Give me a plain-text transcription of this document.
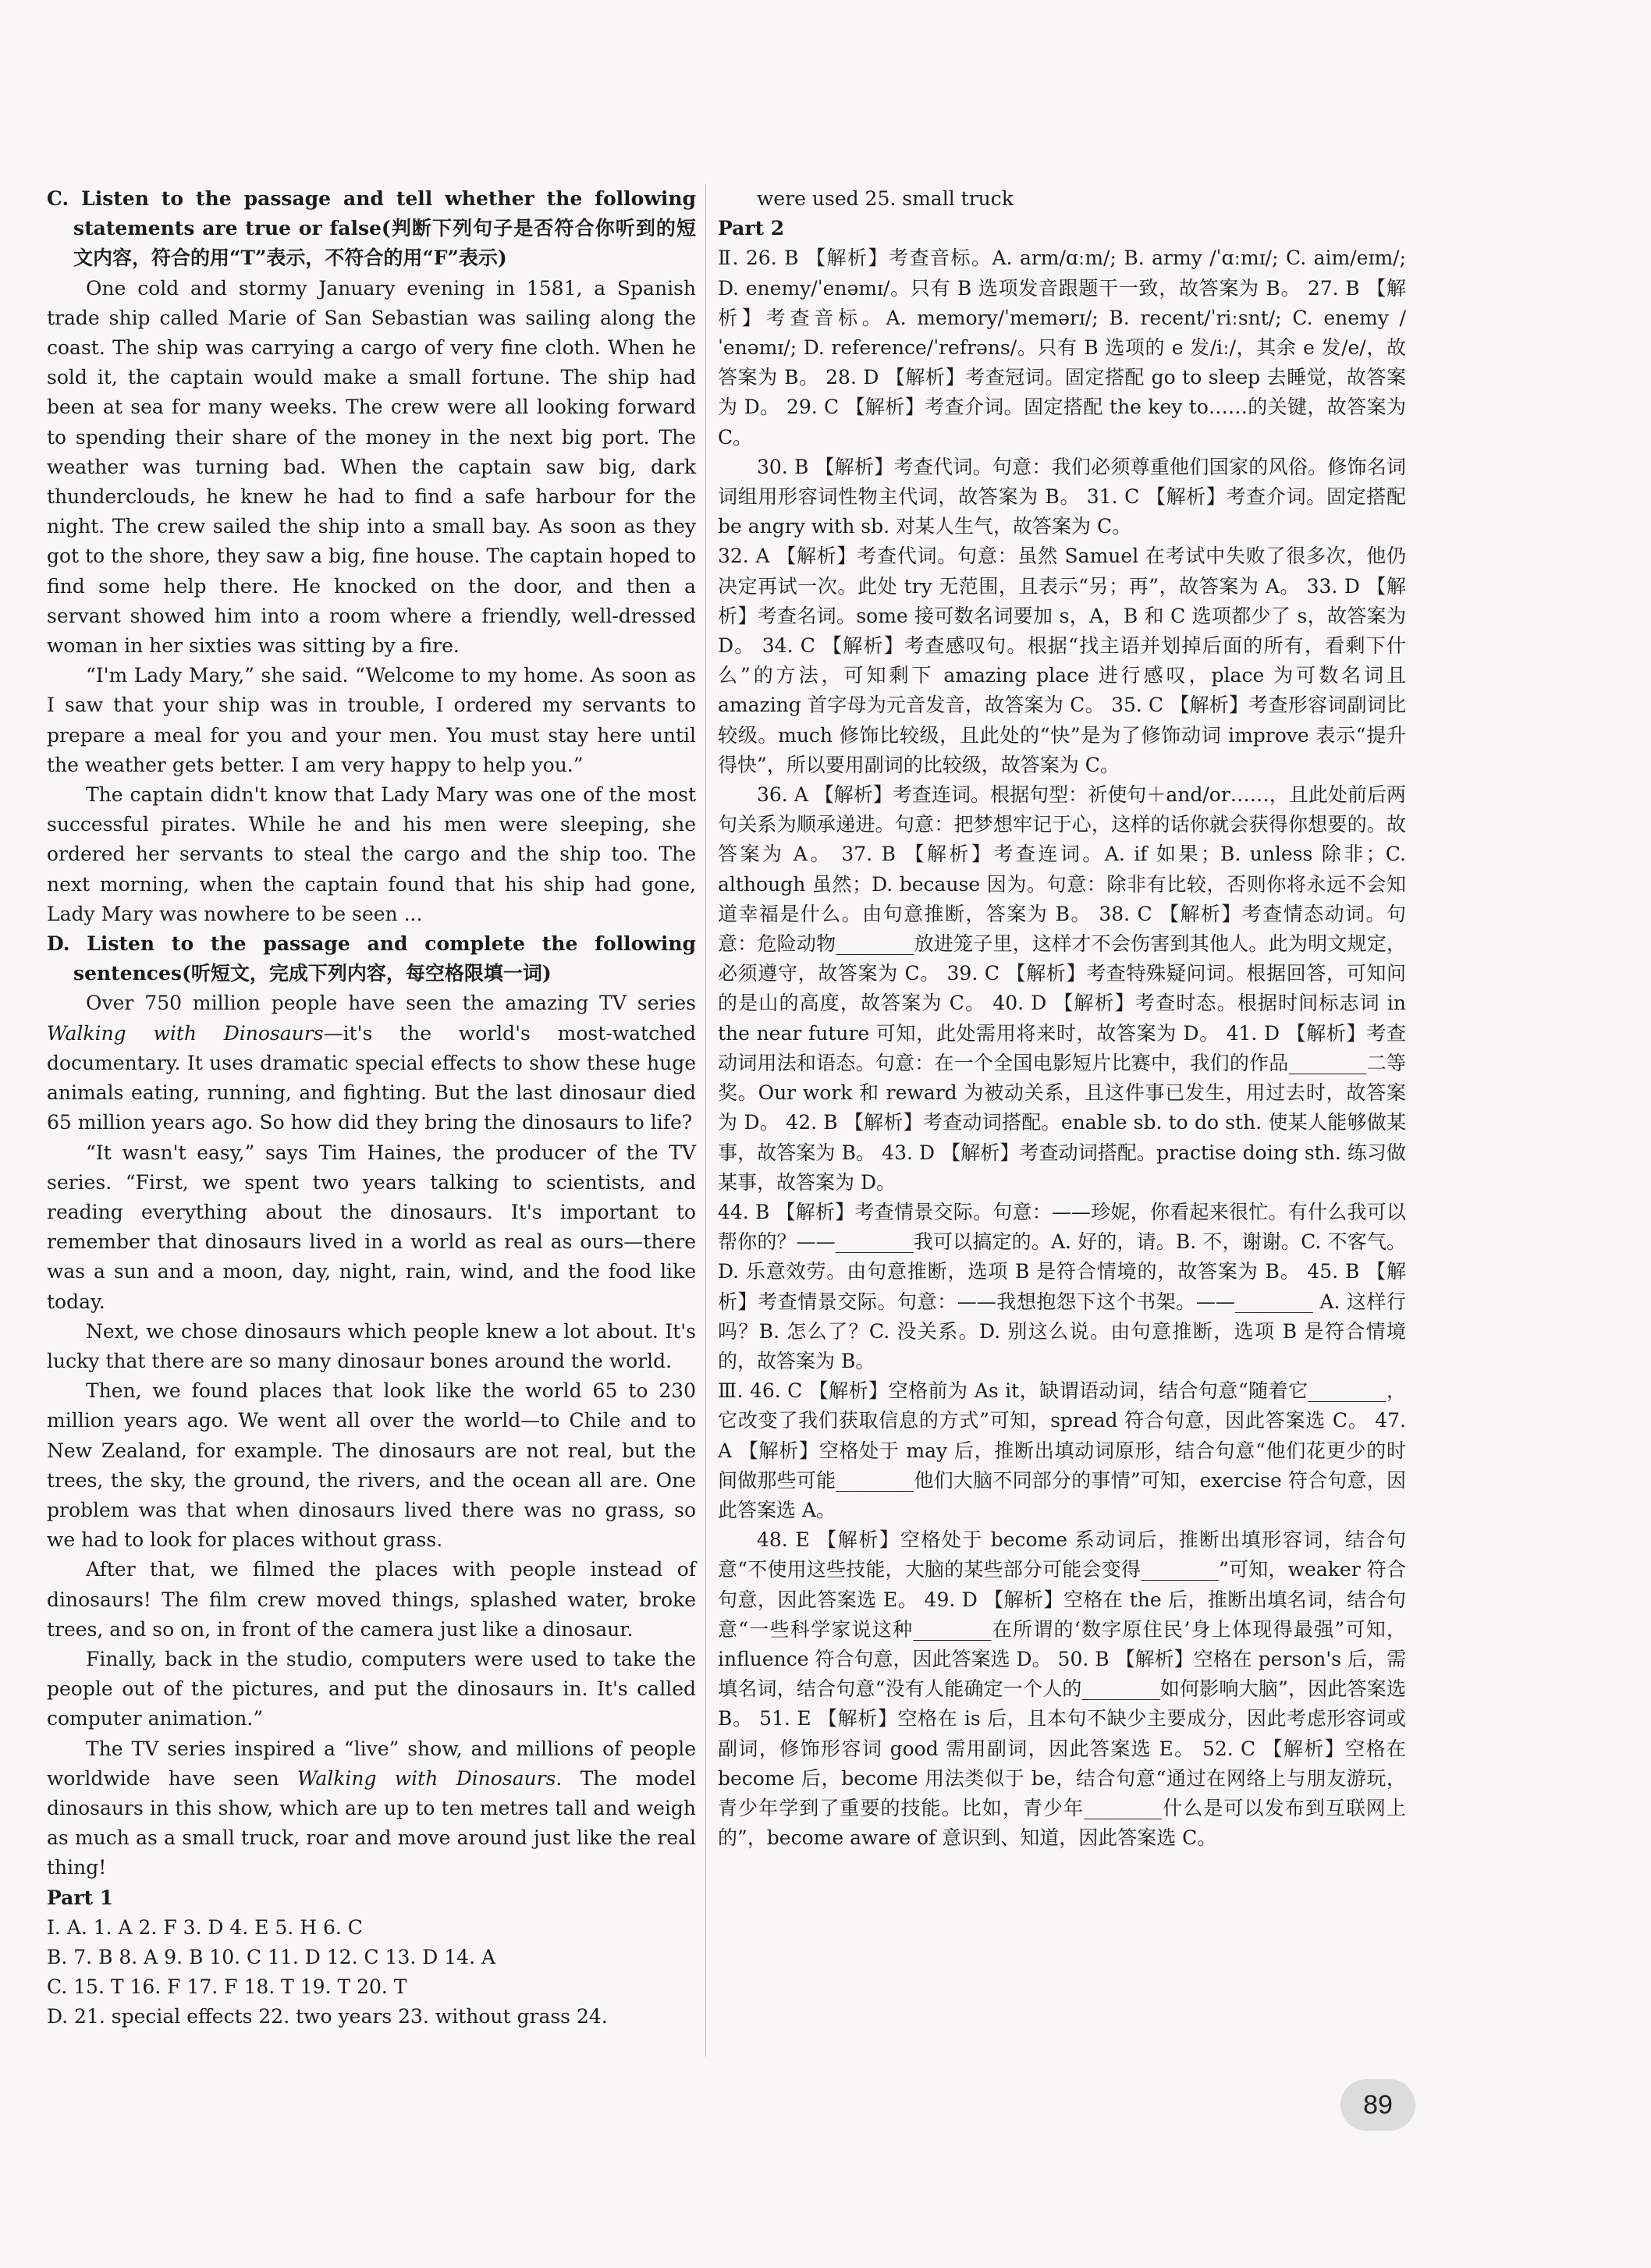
C. Listen to the passage and tell whether the following statements are true or false(判断下列句子是否符合你听到的短文内容，符合的用“T”表示，不符合的用“F”表示)

One cold and stormy January evening in 1581, a Spanish trade ship called Marie of San Sebastian was sailing along the coast. The ship was carrying a cargo of very fine cloth. When he sold it, the captain would make a small fortune. The ship had been at sea for many weeks. The crew were all looking forward to spending their share of the money in the next big port. The weather was turning bad. When the captain saw big, dark thunderclouds, he knew he had to find a safe harbour for the night. The crew sailed the ship into a small bay. As soon as they got to the shore, they saw a big, fine house. The captain hoped to find some help there. He knocked on the door, and then a servant showed him into a room where a friendly, well-dressed woman in her sixties was sitting by a fire.

“I'm Lady Mary,” she said. “Welcome to my home. As soon as I saw that your ship was in trouble, I ordered my servants to prepare a meal for you and your men. You must stay here until the weather gets better. I am very happy to help you.”

The captain didn't know that Lady Mary was one of the most successful pirates. While he and his men were sleeping, she ordered her servants to steal the cargo and the ship too. The next morning, when the captain found that his ship had gone, Lady Mary was nowhere to be seen ...

D. Listen to the passage and complete the following sentences(听短文，完成下列内容，每空格限填一词)

Over 750 million people have seen the amazing TV series Walking with Dinosaurs—it's the world's most-watched documentary. It uses dramatic special effects to show these huge animals eating, running, and fighting. But the last dinosaur died 65 million years ago. So how did they bring the dinosaurs to life?

“It wasn't easy,” says Tim Haines, the producer of the TV series. “First, we spent two years talking to scientists, and reading everything about the dinosaurs. It's important to remember that dinosaurs lived in a world as real as ours—there was a sun and a moon, day, night, rain, wind, and the food like today.

Next, we chose dinosaurs which people knew a lot about. It's lucky that there are so many dinosaur bones around the world.

Then, we found places that look like the world 65 to 230 million years ago. We went all over the world—to Chile and to New Zealand, for example. The dinosaurs are not real, but the trees, the sky, the ground, the rivers, and the ocean all are. One problem was that when dinosaurs lived there was no grass, so we had to look for places without grass.

After that, we filmed the places with people instead of dinosaurs! The film crew moved things, splashed water, broke trees, and so on, in front of the camera just like a dinosaur.

Finally, back in the studio, computers were used to take the people out of the pictures, and put the dinosaurs in. It's called computer animation.”

The TV series inspired a “live” show, and millions of people worldwide have seen Walking with Dinosaurs. The model dinosaurs in this show, which are up to ten metres tall and weigh as much as a small truck, roar and move around just like the real thing!

Part 1

Ⅰ. A. 1. A 2. F 3. D 4. E 5. H 6. C

B. 7. B 8. A 9. B 10. C 11. D 12. C 13. D 14. A

C. 15. T 16. F 17. F 18. T 19. T 20. T

D. 21. special effects 22. two years 23. without grass 24.

were used 25. small truck

Part 2

Ⅱ. 26. B 【解析】考查音标。A. arm/ɑːm/; B. army /ˈɑːmɪ/; C. aim/eɪm/; D. enemy/ˈenəmɪ/。只有 B 选项发音跟题干一致，故答案为 B。 27. B 【解析】考查音标。A. memory/ˈmemərɪ/; B. recent/ˈriːsnt/; C. enemy /ˈenəmɪ/; D. reference/ˈrefrəns/。只有 B 选项的 e 发/iː/，其余 e 发/e/，故答案为 B。 28. D 【解析】考查冠词。固定搭配 go to sleep 去睡觉，故答案为 D。 29. C 【解析】考查介词。固定搭配 the key to……的关键，故答案为 C。

30. B 【解析】考查代词。句意：我们必须尊重他们国家的风俗。修饰名词词组用形容词性物主代词，故答案为 B。 31. C 【解析】考查介词。固定搭配 be angry with sb. 对某人生气，故答案为 C。

32. A 【解析】考查代词。句意：虽然 Samuel 在考试中失败了很多次，他仍决定再试一次。此处 try 无范围，且表示“另；再”，故答案为 A。 33. D 【解析】考查名词。some 接可数名词要加 s，A，B 和 C 选项都少了 s，故答案为 D。 34. C 【解析】考查感叹句。根据“找主语并划掉后面的所有，看剩下什么”的方法，可知剩下 amazing place 进行感叹，place 为可数名词且 amazing 首字母为元音发音，故答案为 C。 35. C 【解析】考查形容词副词比较级。much 修饰比较级，且此处的“快”是为了修饰动词 improve 表示“提升得快”，所以要用副词的比较级，故答案为 C。

36. A 【解析】考查连词。根据句型：祈使句＋and/or……，且此处前后两句关系为顺承递进。句意：把梦想牢记于心，这样的话你就会获得你想要的。故答案为 A。 37. B 【解析】考查连词。A. if 如果；B. unless 除非；C. although 虽然；D. because 因为。句意：除非有比较，否则你将永远不会知道幸福是什么。由句意推断，答案为 B。 38. C 【解析】考查情态动词。句意：危险动物________放进笼子里，这样才不会伤害到其他人。此为明文规定，必须遵守，故答案为 C。 39. C 【解析】考查特殊疑问词。根据回答，可知问的是山的高度，故答案为 C。 40. D 【解析】考查时态。根据时间标志词 in the near future 可知，此处需用将来时，故答案为 D。 41. D 【解析】考查动词用法和语态。句意：在一个全国电影短片比赛中，我们的作品________二等奖。Our work 和 reward 为被动关系，且这件事已发生，用过去时，故答案为 D。 42. B 【解析】考查动词搭配。enable sb. to do sth. 使某人能够做某事，故答案为 B。 43. D 【解析】考查动词搭配。practise doing sth. 练习做某事，故答案为 D。

44. B 【解析】考查情景交际。句意：——珍妮，你看起来很忙。有什么我可以帮你的？——________我可以搞定的。A. 好的，请。B. 不，谢谢。C. 不客气。D. 乐意效劳。由句意推断，选项 B 是符合情境的，故答案为 B。 45. B 【解析】考查情景交际。句意：——我想抱怨下这个书架。——________ A. 这样行吗？B. 怎么了？C. 没关系。D. 别这么说。由句意推断，选项 B 是符合情境的，故答案为 B。

Ⅲ. 46. C 【解析】空格前为 As it，缺谓语动词，结合句意“随着它________，它改变了我们获取信息的方式”可知，spread 符合句意，因此答案选 C。 47. A 【解析】空格处于 may 后，推断出填动词原形，结合句意“他们花更少的时间做那些可能________他们大脑不同部分的事情”可知，exercise 符合句意，因此答案选 A。

48. E 【解析】空格处于 become 系动词后，推断出填形容词，结合句意“不使用这些技能，大脑的某些部分可能会变得________”可知，weaker 符合句意，因此答案选 E。 49. D 【解析】空格在 the 后，推断出填名词，结合句意“一些科学家说这种________在所谓的‘数字原住民’身上体现得最强”可知，influence 符合句意，因此答案选 D。 50. B 【解析】空格在 person's 后，需填名词，结合句意“没有人能确定一个人的________如何影响大脑”，因此答案选 B。 51. E 【解析】空格在 is 后，且本句不缺少主要成分，因此考虑形容词或副词，修饰形容词 good 需用副词，因此答案选 E。 52. C 【解析】空格在 become 后，become 用法类似于 be，结合句意“通过在网络上与朋友游玩，青少年学到了重要的技能。比如，青少年________什么是可以发布到互联网上的”，become aware of 意识到、知道，因此答案选 C。

89
